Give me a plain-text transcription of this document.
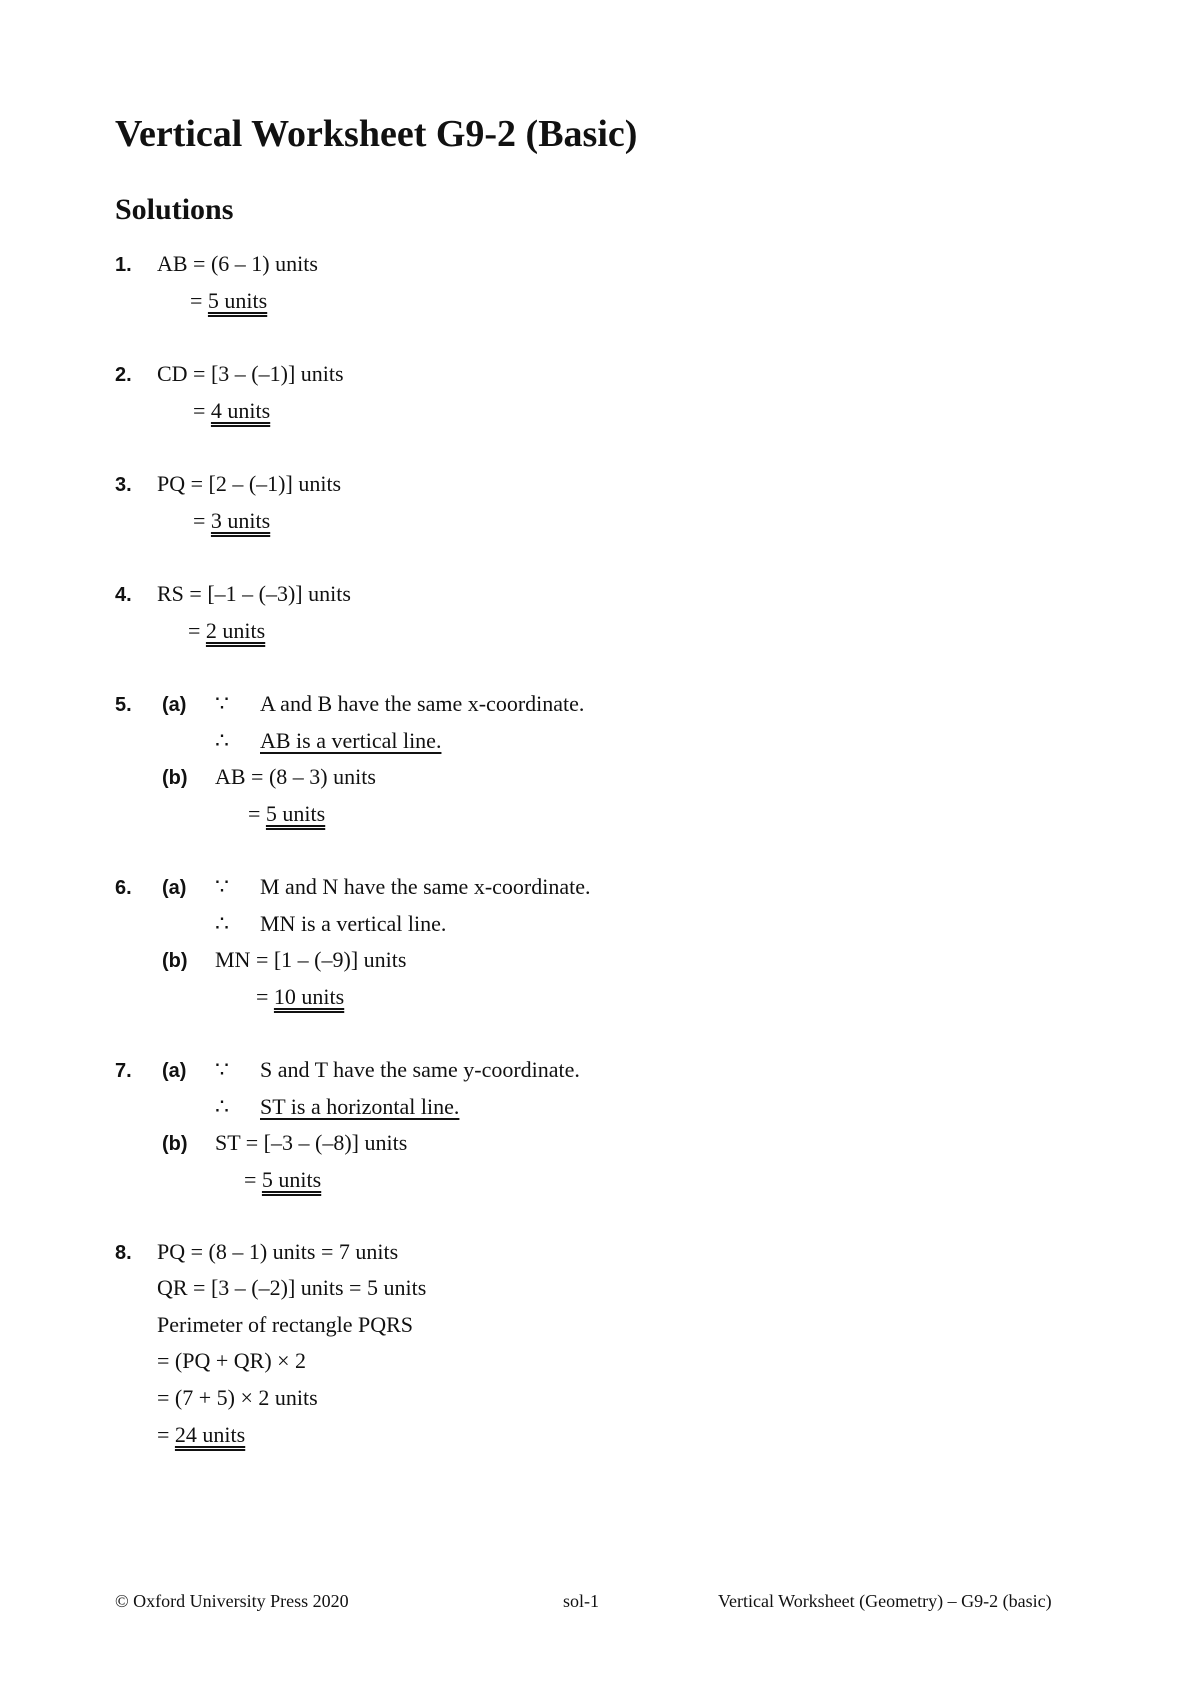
Vertical Worksheet G9-2 (Basic)
Solutions
1. AB = (6 – 1) units
= 5 units
2. CD = [3 – (–1)] units
= 4 units
3. PQ = [2 – (–1)] units
= 3 units
4. RS = [–1 – (–3)] units
= 2 units
5. (a) ∵ A and B have the same x-coordinate.
∴ AB is a vertical line.
(b) AB = (8 – 3) units
= 5 units
6. (a) ∵ M and N have the same x-coordinate.
∴ MN is a vertical line.
(b) MN = [1 – (–9)] units
= 10 units
7. (a) ∵ S and T have the same y-coordinate.
∴ ST is a horizontal line.
(b) ST = [–3 – (–8)] units
= 5 units
8. PQ = (8 – 1) units = 7 units
QR = [3 – (–2)] units = 5 units
Perimeter of rectangle PQRS
= (PQ + QR) × 2
= (7 + 5) × 2 units
= 24 units
© Oxford University Press 2020	sol-1	Vertical Worksheet (Geometry) – G9-2 (basic)
